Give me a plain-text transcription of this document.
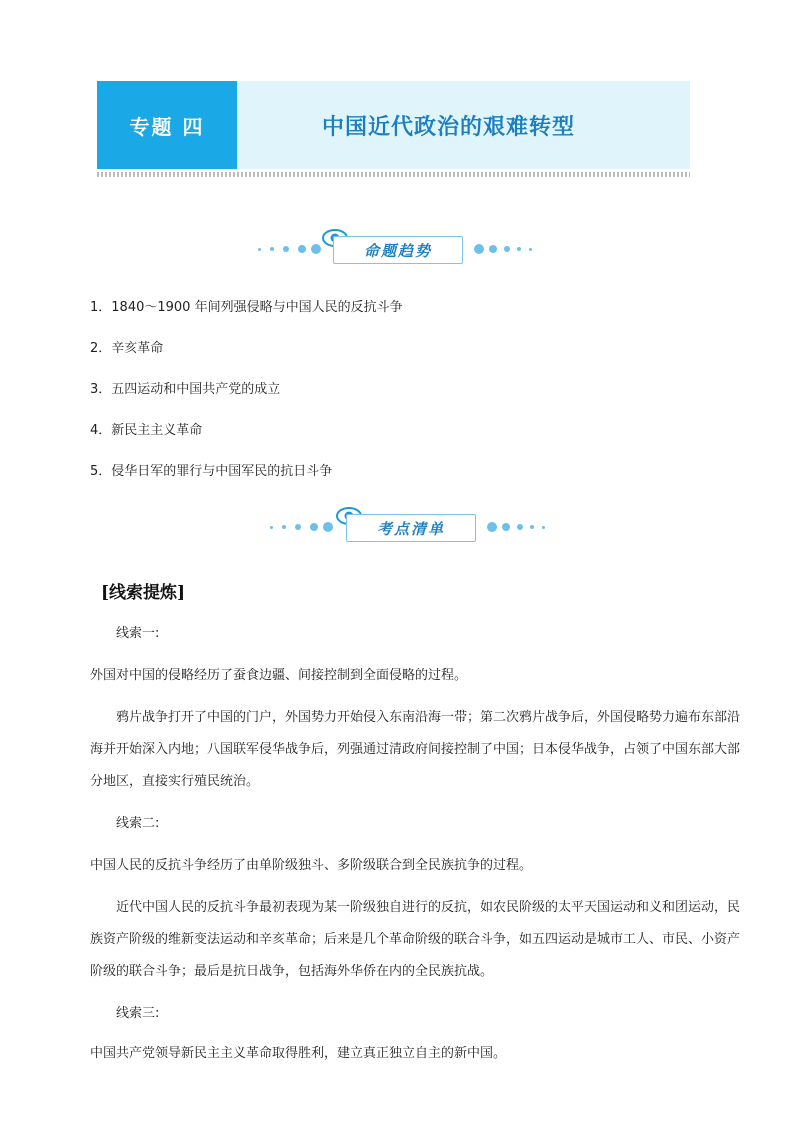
专题 四	中国近代政治的艰难转型
命题趋势
1．1840～1900 年间列强侵略与中国人民的反抗斗争
2．辛亥革命
3．五四运动和中国共产党的成立
4．新民主主义革命
5．侵华日军的罪行与中国军民的抗日斗争
考点清单
[线索提炼]
线索一:
外国对中国的侵略经历了蚕食边疆、间接控制到全面侵略的过程。
鸦片战争打开了中国的门户，外国势力开始侵入东南沿海一带；第二次鸦片战争后，外国侵略势力遍布东部沿海并开始深入内地；八国联军侵华战争后，列强通过清政府间接控制了中国；日本侵华战争，占领了中国东部大部分地区，直接实行殖民统治。
线索二:
中国人民的反抗斗争经历了由单阶级独斗、多阶级联合到全民族抗争的过程。
近代中国人民的反抗斗争最初表现为某一阶级独自进行的反抗，如农民阶级的太平天国运动和义和团运动，民族资产阶级的维新变法运动和辛亥革命；后来是几个革命阶级的联合斗争，如五四运动是城市工人、市民、小资产阶级的联合斗争；最后是抗日战争，包括海外华侨在内的全民族抗战。
线索三:
中国共产党领导新民主主义革命取得胜利，建立真正独立自主的新中国。
